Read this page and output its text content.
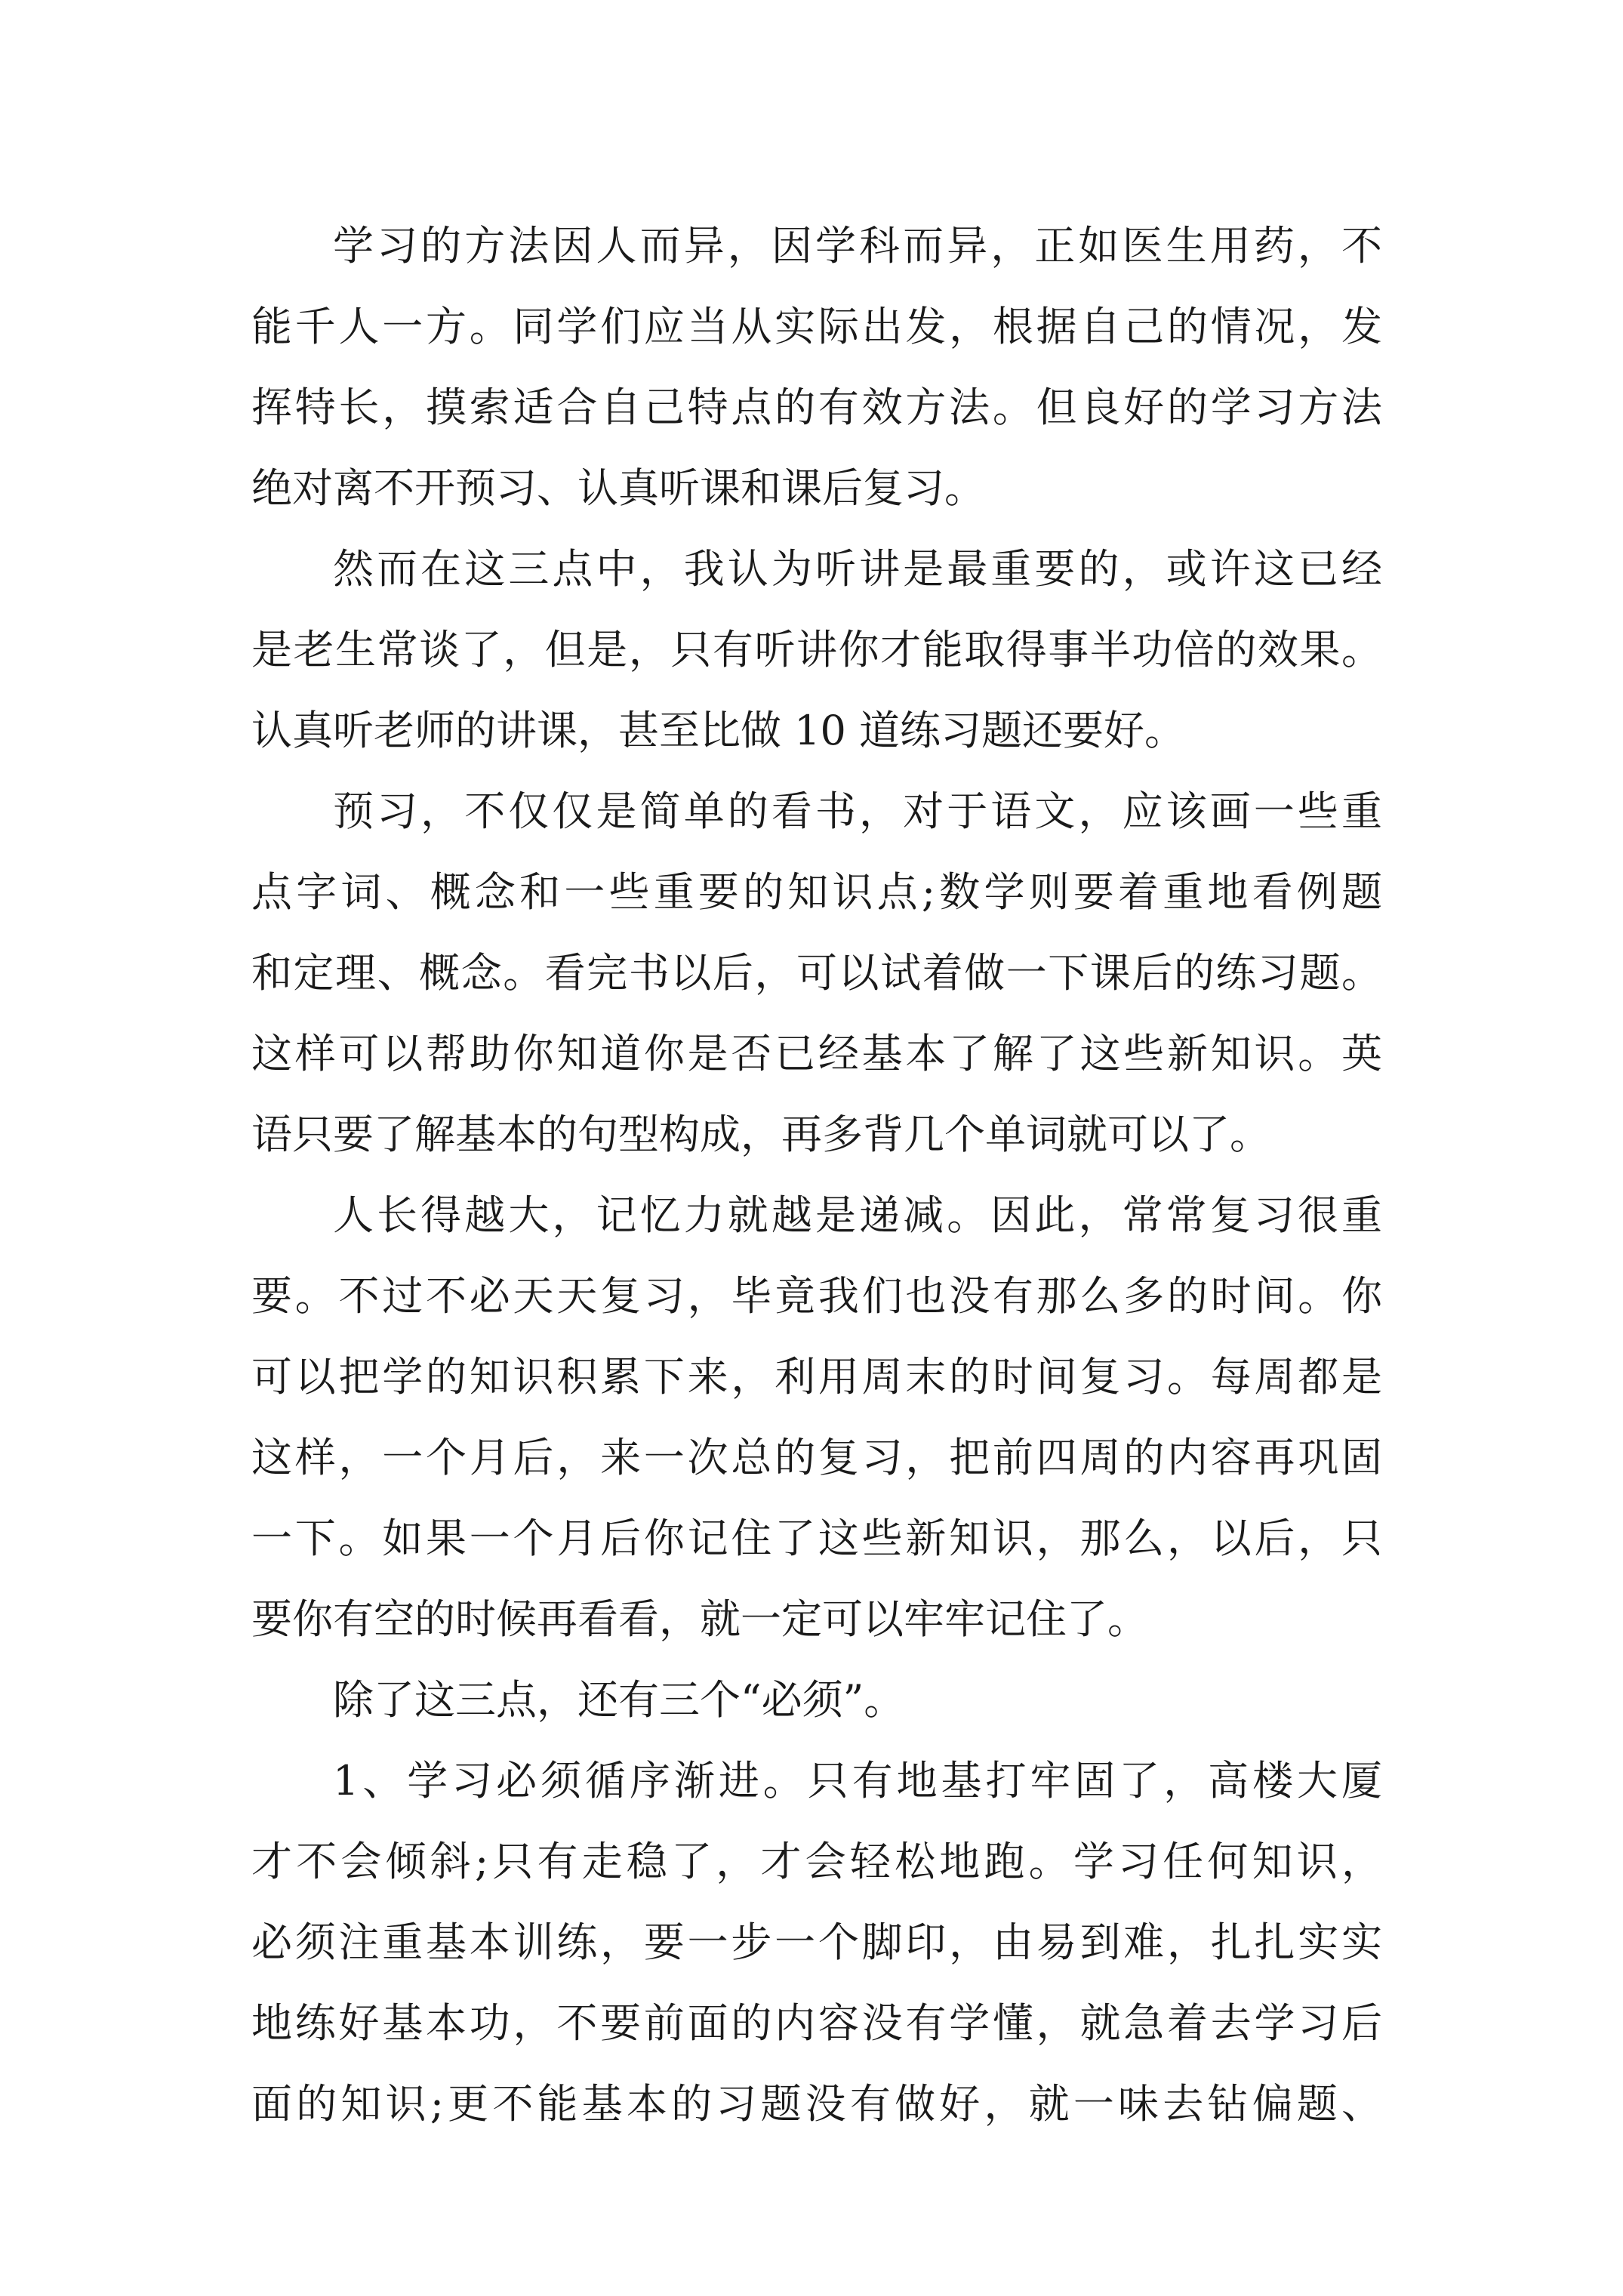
学习的方法因人而异，因学科而异，正如医生用药，不
能千人一方。同学们应当从实际出发，根据自己的情况，发
挥特长，摸索适合自己特点的有效方法。但良好的学习方法
绝对离不开预习、认真听课和课后复习。
然而在这三点中，我认为听讲是最重要的，或许这已经
是老生常谈了，但是，只有听讲你才能取得事半功倍的效果。
认真听老师的讲课，甚至比做 10 道练习题还要好。
预习，不仅仅是简单的看书，对于语文，应该画一些重
点字词、概念和一些重要的知识点;数学则要着重地看例题
和定理、概念。看完书以后，可以试着做一下课后的练习题。
这样可以帮助你知道你是否已经基本了解了这些新知识。英
语只要了解基本的句型构成，再多背几个单词就可以了。
人长得越大，记忆力就越是递减。因此，常常复习很重
要。不过不必天天复习，毕竟我们也没有那么多的时间。你
可以把学的知识积累下来，利用周末的时间复习。每周都是
这样，一个月后，来一次总的复习，把前四周的内容再巩固
一下。如果一个月后你记住了这些新知识，那么，以后，只
要你有空的时候再看看，就一定可以牢牢记住了。
除了这三点，还有三个“必须”。
1、学习必须循序渐进。只有地基打牢固了，高楼大厦
才不会倾斜;只有走稳了，才会轻松地跑。学习任何知识，
必须注重基本训练，要一步一个脚印，由易到难，扎扎实实
地练好基本功，不要前面的内容没有学懂，就急着去学习后
面的知识;更不能基本的习题没有做好，就一味去钻偏题、
